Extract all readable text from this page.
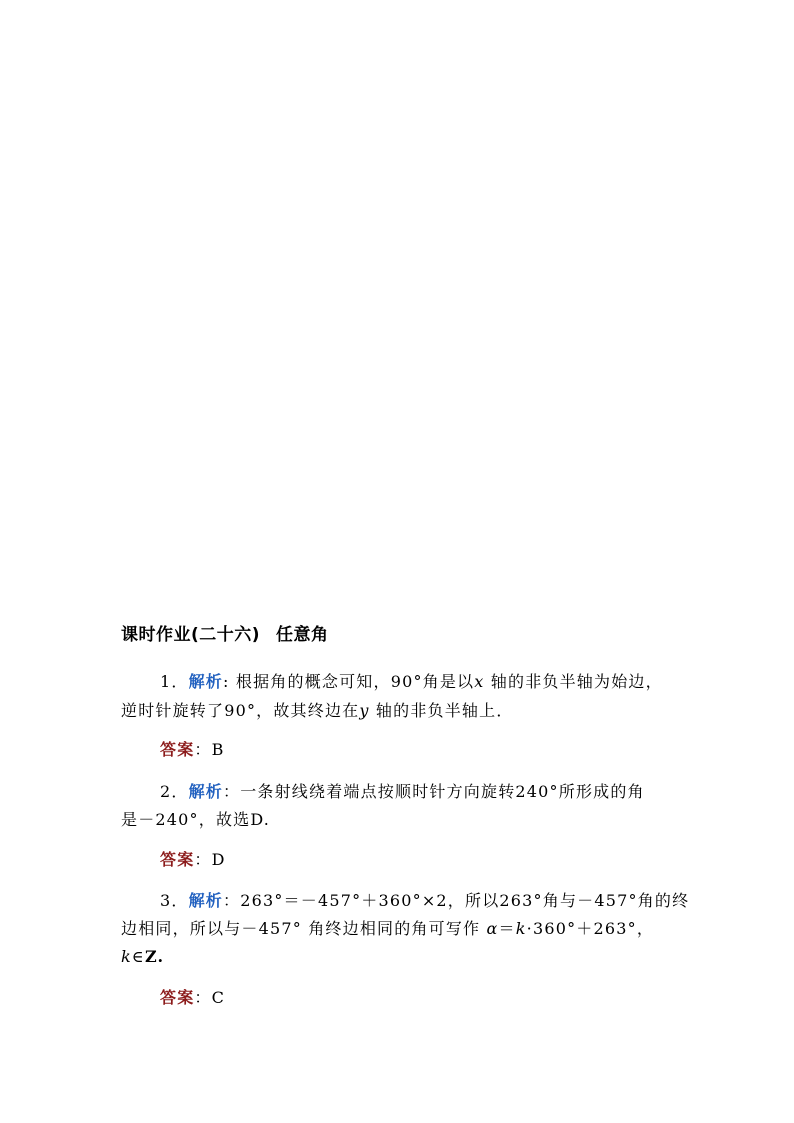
课时作业(二十六) 任意角
1．解析: 根据角的概念可知，90°角是以x 轴的非负半轴为始边，
逆时针旋转了90°，故其终边在y 轴的非负半轴上．
答案：B
2．解析：一条射线绕着端点按顺时针方向旋转240°所形成的角
是－240°，故选D.
答案：D
3．解析：263°＝－457°＋360°×2，所以263°角与－457°角的终
边相同，所以与－457° 角终边相同的角可写作 α＝k·360°＋263°，
k∈Z.
答案：C
